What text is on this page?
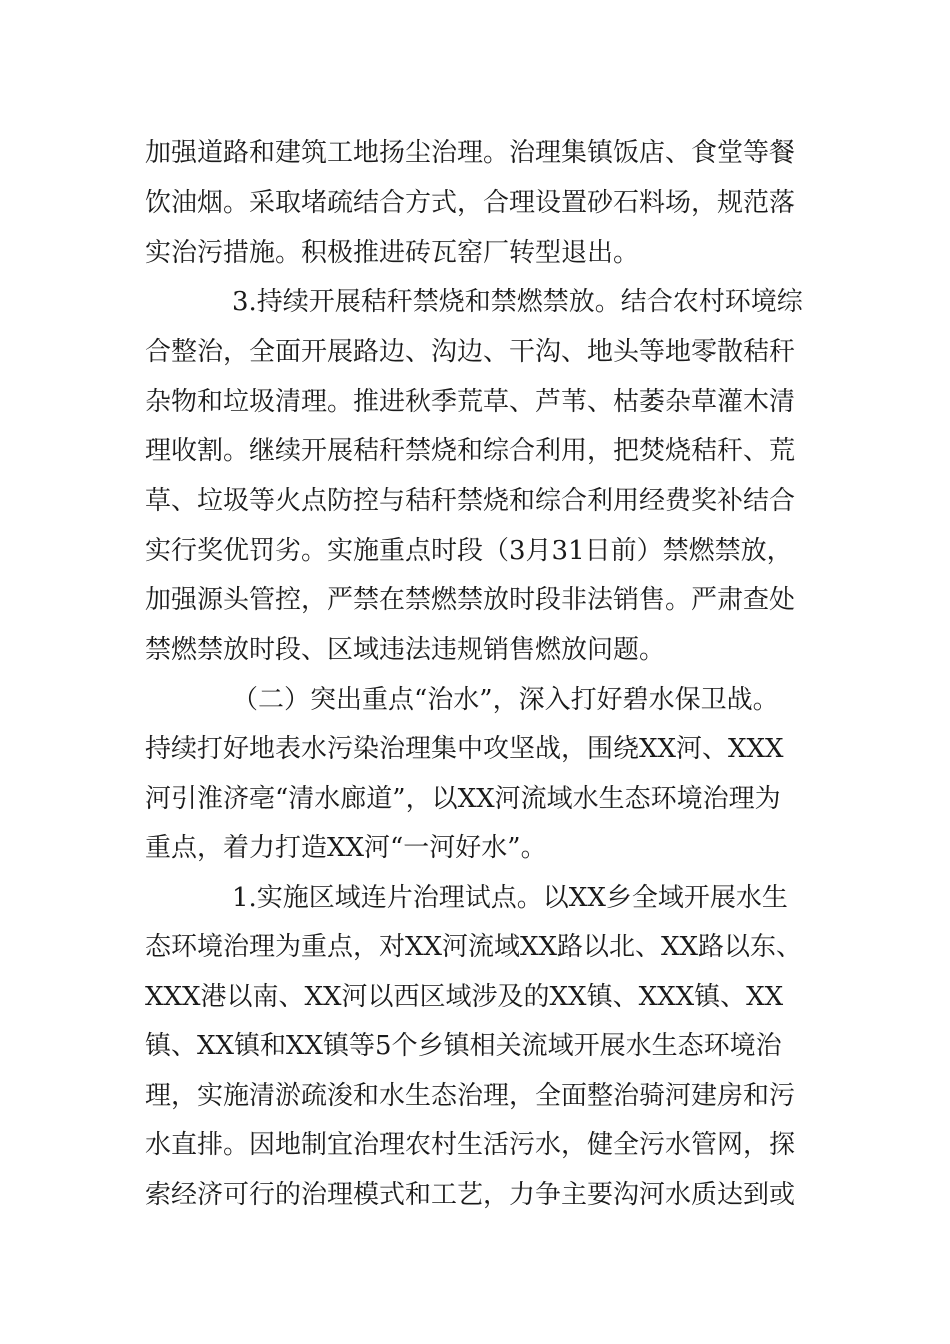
加强道路和建筑工地扬尘治理。治理集镇饭店、食堂等餐
饮油烟。采取堵疏结合方式，合理设置砂石料场，规范落
实治污措施。积极推进砖瓦窑厂转型退出。
3.持续开展秸秆禁烧和禁燃禁放。结合农村环境综
合整治，全面开展路边、沟边、干沟、地头等地零散秸秆
杂物和垃圾清理。推进秋季荒草、芦苇、枯萎杂草灌木清
理收割。继续开展秸秆禁烧和综合利用，把焚烧秸秆、荒
草、垃圾等火点防控与秸秆禁烧和综合利用经费奖补结合
实行奖优罚劣。实施重点时段（3月31日前）禁燃禁放，
加强源头管控，严禁在禁燃禁放时段非法销售。严肃查处
禁燃禁放时段、区域违法违规销售燃放问题。
（二）突出重点“治水”，深入打好碧水保卫战。
持续打好地表水污染治理集中攻坚战，围绕XX河、XXX
河引淮济亳“清水廊道”，以XX河流域水生态环境治理为
重点，着力打造XX河“一河好水”。
1.实施区域连片治理试点。以XX乡全域开展水生
态环境治理为重点，对XX河流域XX路以北、XX路以东、
XXX港以南、XX河以西区域涉及的XX镇、XXX镇、XX
镇、XX镇和XX镇等5个乡镇相关流域开展水生态环境治
理，实施清淤疏浚和水生态治理，全面整治骑河建房和污
水直排。因地制宜治理农村生活污水，健全污水管网，探
索经济可行的治理模式和工艺，力争主要沟河水质达到或
